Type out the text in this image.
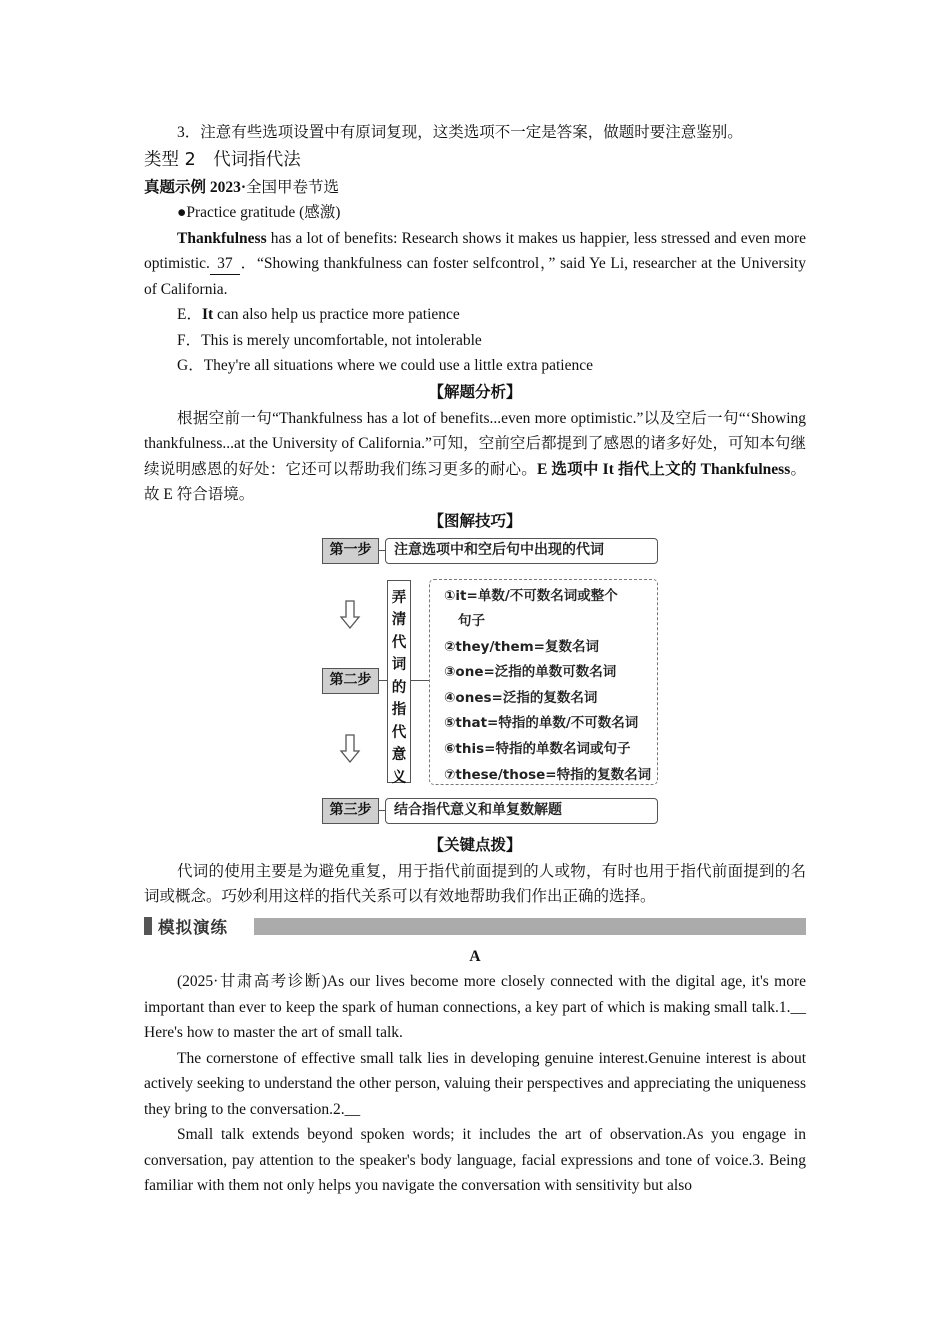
3．注意有些选项设置中有原词复现，这类选项不一定是答案，做题时要注意鉴别。

类型 2　代词指代法

真题示例 2023·全国甲卷节选

●Practice gratitude (感激)

Thankfulness has a lot of benefits: Research shows it makes us happier, less stressed and even more optimistic. 37 ．“Showing thankfulness can foster selfcontrol，” said Ye Li, researcher at the University of California.

E．It can also help us practice more patience

F．This is merely uncomfortable, not intolerable

G．They're all situations where we could use a little extra patience

【解题分析】

根据空前一句“Thankfulness has a lot of benefits...even more optimistic.”以及空后一句“‘Showing thankfulness...at the University of California.”可知，空前空后都提到了感恩的诸多好处，可知本句继续说明感恩的好处：它还可以帮助我们练习更多的耐心。E 选项中 It 指代上文的 Thankfulness。故 E 符合语境。

【图解技巧】

第一步	注意选项中和空后句中出现的代词
第二步
弄
清
代
词
的
指
代
意
义
①it=单数/不可数名词或整个
句子
②they/them=复数名词
③one=泛指的单数可数名词
④ones=泛指的复数名词
⑤that=特指的单数/不可数名词
⑥this=特指的单数名词或句子
⑦these/those=特指的复数名词
第三步	结合指代意义和单复数解题

【关键点拨】

代词的使用主要是为避免重复，用于指代前面提到的人或物，有时也用于指代前面提到的名词或概念。巧妙利用这样的指代关系可以有效地帮助我们作出正确的选择。

模拟演练

A

(2025·甘肃高考诊断)As our lives become more closely connected with the digital age, it's more important than ever to keep the spark of human connections, a key part of which is making small talk.1.__ Here's how to master the art of small talk.

The cornerstone of effective small talk lies in developing genuine interest.Genuine interest is about actively seeking to understand the other person, valuing their perspectives and appreciating the uniqueness they bring to the conversation.2.__

Small talk extends beyond spoken words; it includes the art of observation.As you engage in conversation, pay attention to the speaker's body language, facial expressions and tone of voice.3. Being familiar with them not only helps you navigate the conversation with sensitivity but also
